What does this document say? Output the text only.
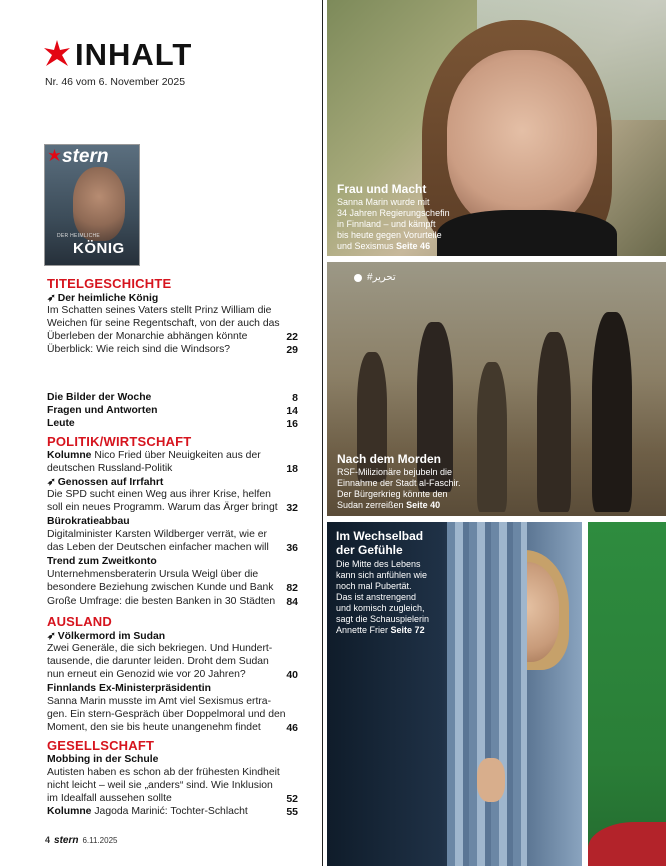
INHALT
Nr. 46 vom 6. November 2025
stern
DER HEIMLICHE
KÖNIG
TITELGESCHICHTE
➶ Der heimliche König
Im Schatten seines Vaters stellt Prinz William die
Weichen für seine Regentschaft, von der auch das
Überleben der Monarchie abhängen könnte	22
Überblick: Wie reich sind die Windsors?	29
Die Bilder der Woche	8
Fragen und Antworten	14
Leute	16
POLITIK/WIRTSCHAFT
Kolumne Nico Fried über Neuigkeiten aus der
deutschen Russland-Politik	18
➶ Genossen auf Irrfahrt
Die SPD sucht einen Weg aus ihrer Krise, helfen
soll ein neues Programm. Warum das Ärger bringt 32
Bürokratieabbau
Digitalminister Karsten Wildberger verrät, wie er
das Leben der Deutschen einfacher machen will	36
Trend zum Zweitkonto
Unternehmensberaterin Ursula Weigl über die
besondere Beziehung zwischen Kunde und Bank	82
Große Umfrage: die besten Banken in 30 Städten	84
AUSLAND
➶ Völkermord im Sudan
Zwei Generäle, die sich bekriegen. Und Hundert-
tausende, die darunter leiden. Droht dem Sudan
nun erneut ein Genozid wie vor 20 Jahren?	40
Finnlands Ex-Ministerpräsidentin
Sanna Marin musste im Amt viel Sexismus ertra-
gen. Ein stern-Gespräch über Doppelmoral und den
Moment, den sie bis heute unangenehm findet	46
GESELLSCHAFT
Mobbing in der Schule
Autisten haben es schon ab der frühesten Kindheit
nicht leicht – weil sie „anders“ sind. Wie Inklusion
im Idealfall aussehen sollte	52
Kolumne Jagoda Marinić: Tochter-Schlacht	55
4 stern 6.11.2025
Frau und Macht
Sanna Marin wurde mit
34 Jahren Regierungschefin
in Finnland – und kämpft
bis heute gegen Vorurteile
und Sexismus Seite 46
#تحرير
Nach dem Morden
RSF-Milizionäre bejubeln die
Einnahme der Stadt al-Faschir.
Der Bürgerkrieg könnte den
Sudan zerreißen Seite 40
Im Wechselbad
der Gefühle
Die Mitte des Lebens
kann sich anfühlen wie
noch mal Pubertät.
Das ist anstrengend
und komisch zugleich,
sagt die Schauspielerin
Annette Frier Seite 72
